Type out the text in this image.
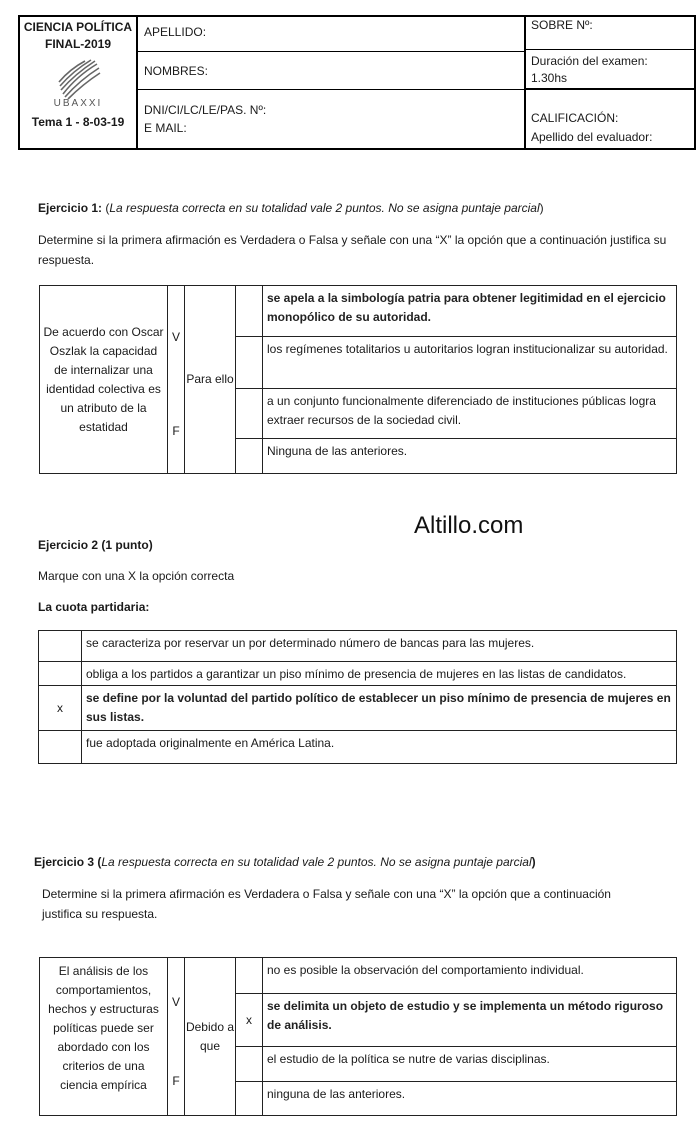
CIENCIA POLÍTICA
FINAL-2019
UBAXXI
Tema 1 - 8-03-19
APELLIDO:
NOMBRES:
DNI/CI/LC/LE/PAS. Nº:
E MAIL:
SOBRE Nº:
Duración del examen:
1.30hs
CALIFICACIÓN:
Apellido del evaluador:

Ejercicio 1: (La respuesta correcta en su totalidad vale 2 puntos. No se asigna puntaje parcial)

Determine si la primera afirmación es Verdadera o Falsa y señale con una “X” la opción que a continuación justifica su respuesta.

De acuerdo con Oscar Oszlak la capacidad de internalizar una identidad colectiva es un atributo de la estatidad	V	Para ello		se apela a la simbología patria para obtener legitimidad en el ejercicio monopólico de su autoridad.
				los regímenes totalitarios u autoritarios logran institucionalizar su autoridad.
	F			a un conjunto funcionalmente diferenciado de instituciones públicas logra extraer recursos de la sociedad civil.
				Ninguna de las anteriores.
Altillo.com

Ejercicio 2 (1 punto)

Marque con una X la opción correcta

La cuota partidaria:

	se caracteriza por reservar un por determinado número de bancas para las mujeres.
	obliga a los partidos a garantizar un piso mínimo de presencia de mujeres en las listas de candidatos.
x	se define por la voluntad del partido político de establecer un piso mínimo de presencia de mujeres en sus listas.
	fue adoptada originalmente en América Latina.

Ejercicio 3 (La respuesta correcta en su totalidad vale 2 puntos. No se asigna puntaje parcial)

Determine si la primera afirmación es Verdadera o Falsa y señale con una “X” la opción que a continuación justifica su respuesta.

El análisis de los comportamientos, hechos y estructuras políticas puede ser abordado con los criterios de una ciencia empírica	V	Debido a que		no es posible la observación del comportamiento individual.
			x	se delimita un objeto de estudio y se implementa un método riguroso de análisis.
	F			el estudio de la política se nutre de varias disciplinas.
				ninguna de las anteriores.
